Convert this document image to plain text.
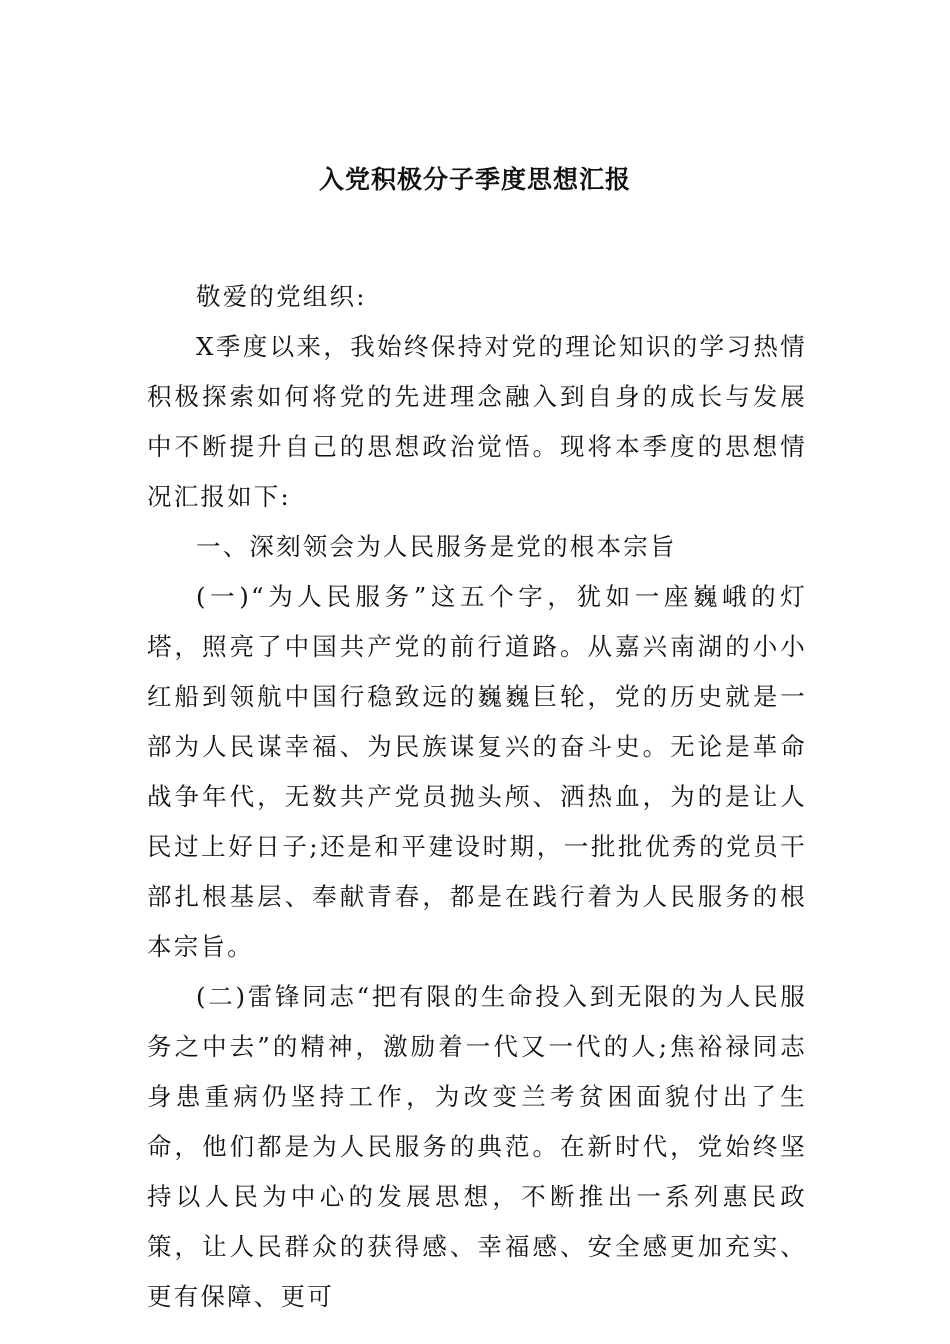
入党积极分子季度思想汇报

敬爱的党组织:

X季度以来，我始终保持对党的理论知识的学习热情积极探索如何将党的先进理念融入到自身的成长与发展中不断提升自己的思想政治觉悟。现将本季度的思想情况汇报如下:

一、深刻领会为人民服务是党的根本宗旨

(一)“为人民服务”这五个字，犹如一座巍峨的灯塔，照亮了中国共产党的前行道路。从嘉兴南湖的小小红船到领航中国行稳致远的巍巍巨轮，党的历史就是一部为人民谋幸福、为民族谋复兴的奋斗史。无论是革命战争年代，无数共产党员抛头颅、洒热血，为的是让人民过上好日子;还是和平建设时期，一批批优秀的党员干部扎根基层、奉献青春，都是在践行着为人民服务的根本宗旨。

(二)雷锋同志“把有限的生命投入到无限的为人民服务之中去”的精神，激励着一代又一代的人;焦裕禄同志身患重病仍坚持工作，为改变兰考贫困面貌付出了生命，他们都是为人民服务的典范。在新时代，党始终坚持以人民为中心的发展思想，不断推出一系列惠民政策，让人民群众的获得感、幸福感、安全感更加充实、更有保障、更可
